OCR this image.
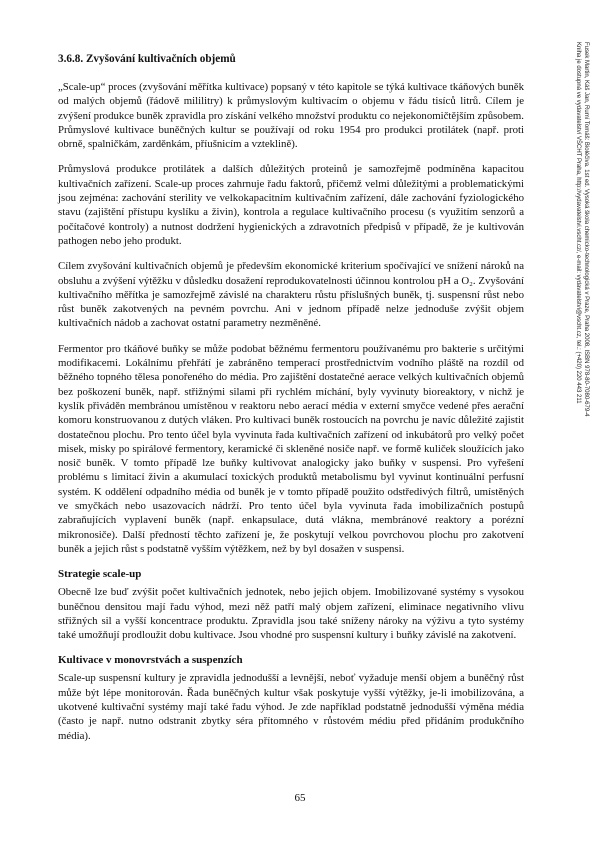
3.6.8. Zvyšování kultivačních objemů

„Scale-up“ proces (zvyšování měřítka kultivace) popsaný v této kapitole se týká kultivace tkáňových buněk od malých objemů (řádově mililitry) k průmyslovým kultivacím o objemu v řádu tisíců litrů. Cílem je zvýšení produkce buněk zpravidla pro získání velkého množství produktu co nejekonomičtějším způsobem. Průmyslové kultivace buněčných kultur se používají od roku 1954 pro produkci protilátek (např. proti obrně, spalničkám, zarděnkám, příušnicím a vzteklině).

Průmyslová produkce protilátek a dalších důležitých proteinů je samozřejmě podmíněna kapacitou kultivačních zařízení. Scale-up proces zahrnuje řadu faktorů, přičemž velmi důležitými a problematickými jsou zejména: zachování sterility ve velkokapacitním kultivačním zařízení, dále zachování fyziologického stavu (zajištění přístupu kyslíku a živin), kontrola a regulace kultivačního procesu (s využitím senzorů a počítačové kontroly) a nutnost dodržení hygienických a zdravotních předpisů v případě, že je kultivován pathogen nebo jeho produkt.

Cílem zvyšování kultivačních objemů je především ekonomické kriterium spočívající ve snížení nároků na obsluhu a zvýšení výtěžku v důsledku dosažení reprodukovatelnosti účinnou kontrolou pH a O₂. Zvyšování kultivačního měřítka je samozřejmě závislé na charakteru růstu příslušných buněk, tj. suspensní růst nebo růst buněk zakotvených na pevném povrchu. Ani v jednom případě nelze jednoduše zvýšit objem kultivačních nádob a zachovat ostatní parametry nezměněné.

Fermentor pro tkáňové buňky se může podobat běžnému fermentoru používanému pro bakterie s určitými modifikacemi. Lokálnímu přehřátí je zabráněno temperací prostřednictvím vodního pláště na rozdíl od běžného topného tělesa ponořeného do média. Pro zajištění dostatečné aerace velkých kultivačních objemů bez poškození buněk, např. střižnými silami při rychlém míchání, byly vyvinuty bioreaktory, v nichž je kyslík přiváděn membránou umístěnou v reaktoru nebo aerací média v externí smyčce vedené přes aerační komoru konstruovanou z dutých vláken. Pro kultivaci buněk rostoucích na povrchu je navíc důležité zajistit dostatečnou plochu. Pro tento účel byla vyvinuta řada kultivačních zařízení od inkubátorů pro velký počet misek, misky po spirálové fermentory, keramické či skleněné nosiče např. ve formě kuliček sloužících jako nosič buněk. V tomto případě lze buňky kultivovat analogicky jako buňky v suspensi. Pro vyřešení problému s limitací živin a akumulací toxických produktů metabolismu byl vyvinut kontinuální perfusní systém. K oddělení odpadního média od buněk je v tomto případě použito odstředivých filtrů, umístěných ve smyčkách nebo usazovacích nádrží. Pro tento účel byla vyvinuta řada imobilizačních postupů zabraňujících vyplavení buněk (např. enkapsulace, dutá vlákna, membránové reaktory a porézní mikronosiče). Další předností těchto zařízení je, že poskytují velkou povrchovou plochu pro zakotvení buněk a jejich růst s podstatně vyšším výtěžkem, než by byl dosažen v suspensi.

Strategie scale-up

Obecně lze buď zvýšit počet kultivačních jednotek, nebo jejich objem. Imobilizované systémy s vysokou buněčnou densitou mají řadu výhod, mezi něž patří malý objem zařízení, eliminace negativního vlivu střižných sil a vyšší koncentrace produktu. Zpravidla jsou také sníženy nároky na výživu a tyto systémy také umožňují prodloužit dobu kultivace. Jsou vhodné pro suspensní kultury i buňky závislé na zakotvení.

Kultivace v monovrstvách a suspenzích

Scale-up suspensní kultury je zpravidla jednodušší a levnější, neboť vyžaduje menší objem a buněčný růst může být lépe monitorován. Řada buněčných kultur však poskytuje vyšší výtěžky, je-li imobilizována, a ukotvené kultivační systémy mají také řadu výhod. Je zde například podstatně jednodušší výměna média (často je např. nutno odstranit zbytky séra přítomného v růstovém médiu před přidáním produkčního média).

Fusek Martin, Káš Jan, Rumí Tomáš: Bioléčiva. 1st ed. Vysoká škola chemicko-technologická v Praze, Praha 2008, ISBN 978-80-7080-679-4
Kniha je dostupná ve vydavatelství VŠCHT Praha, http://vydavatelstvi.vscht.cz/, e-mail: vydavatelstvi@vscht.cz, tel.: (+420) 220 443 211
65
